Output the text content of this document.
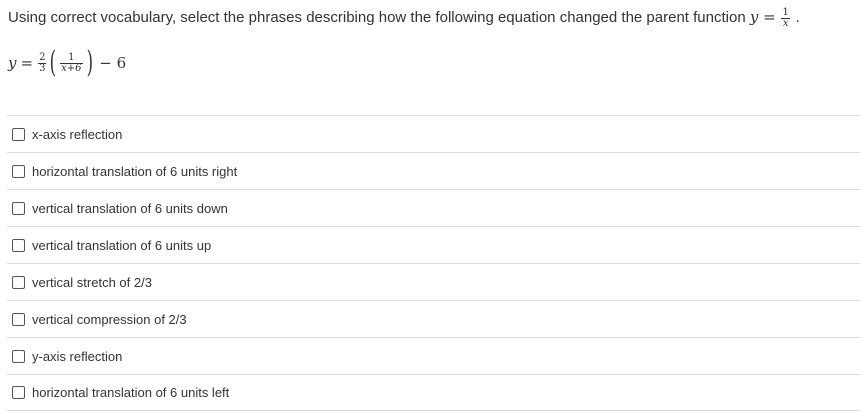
Using correct vocabulary, select the phrases describing how the following equation changed the parent function $y = \frac{1}{x}$ .
$y = \frac{2}{3}$ ( $\frac{1}{x+6}$ ) − 6
x-axis reflection
horizontal translation of 6 units right
vertical translation of 6 units down
vertical translation of 6 units up
vertical stretch of 2/3
vertical compression of 2/3
y-axis reflection
horizontal translation of 6 units left
